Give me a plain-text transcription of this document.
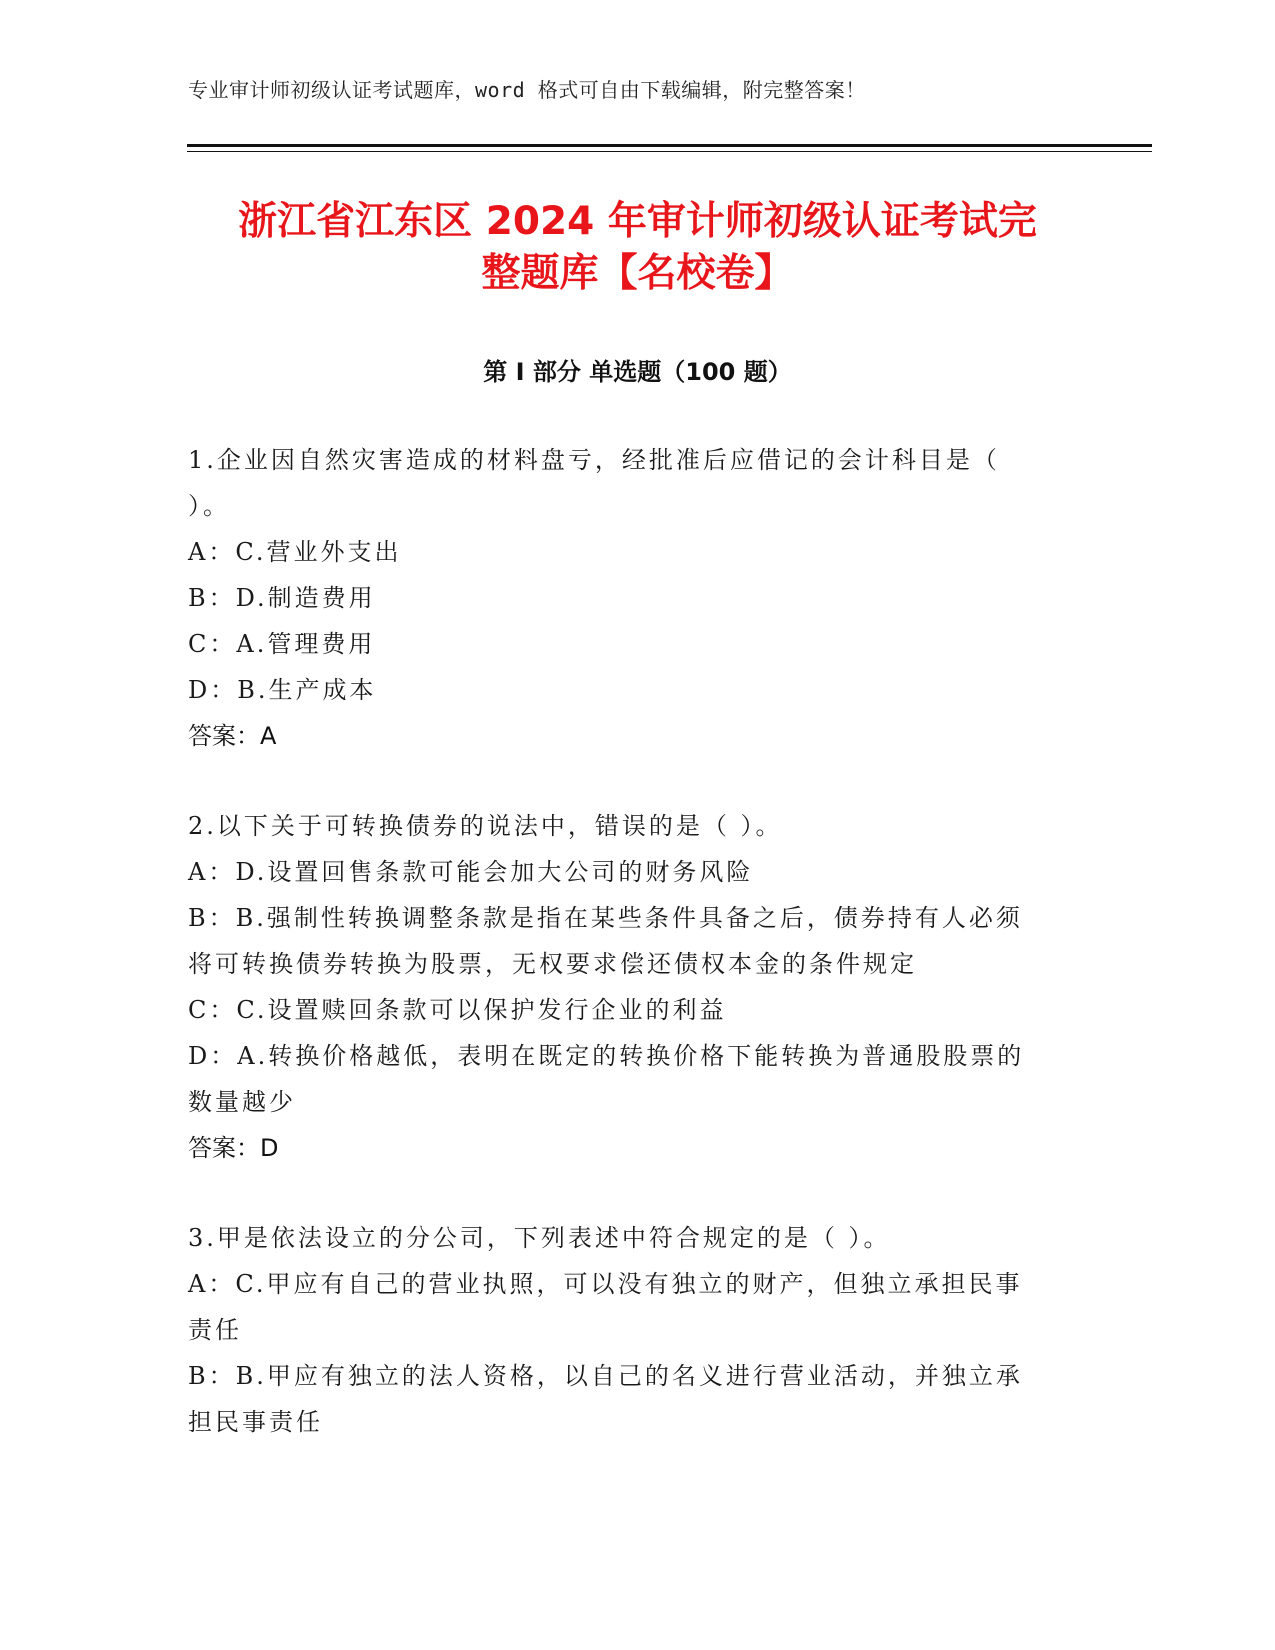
专业审计师初级认证考试题库，word 格式可自由下载编辑，附完整答案！
浙江省江东区 2024 年审计师初级认证考试完
整题库【名校卷】
第 I 部分 单选题（100 题）
1.企业因自然灾害造成的材料盘亏，经批准后应借记的会计科目是（
）。
A：C.营业外支出
B：D.制造费用
C：A.管理费用
D：B.生产成本
答案：A
2.以下关于可转换债券的说法中，错误的是（ ）。
A：D.设置回售条款可能会加大公司的财务风险
B：B.强制性转换调整条款是指在某些条件具备之后，债券持有人必须
将可转换债券转换为股票，无权要求偿还债权本金的条件规定
C：C.设置赎回条款可以保护发行企业的利益
D：A.转换价格越低，表明在既定的转换价格下能转换为普通股股票的
数量越少
答案：D
3.甲是依法设立的分公司，下列表述中符合规定的是（ ）。
A：C.甲应有自己的营业执照，可以没有独立的财产，但独立承担民事
责任
B：B.甲应有独立的法人资格，以自己的名义进行营业活动，并独立承
担民事责任
